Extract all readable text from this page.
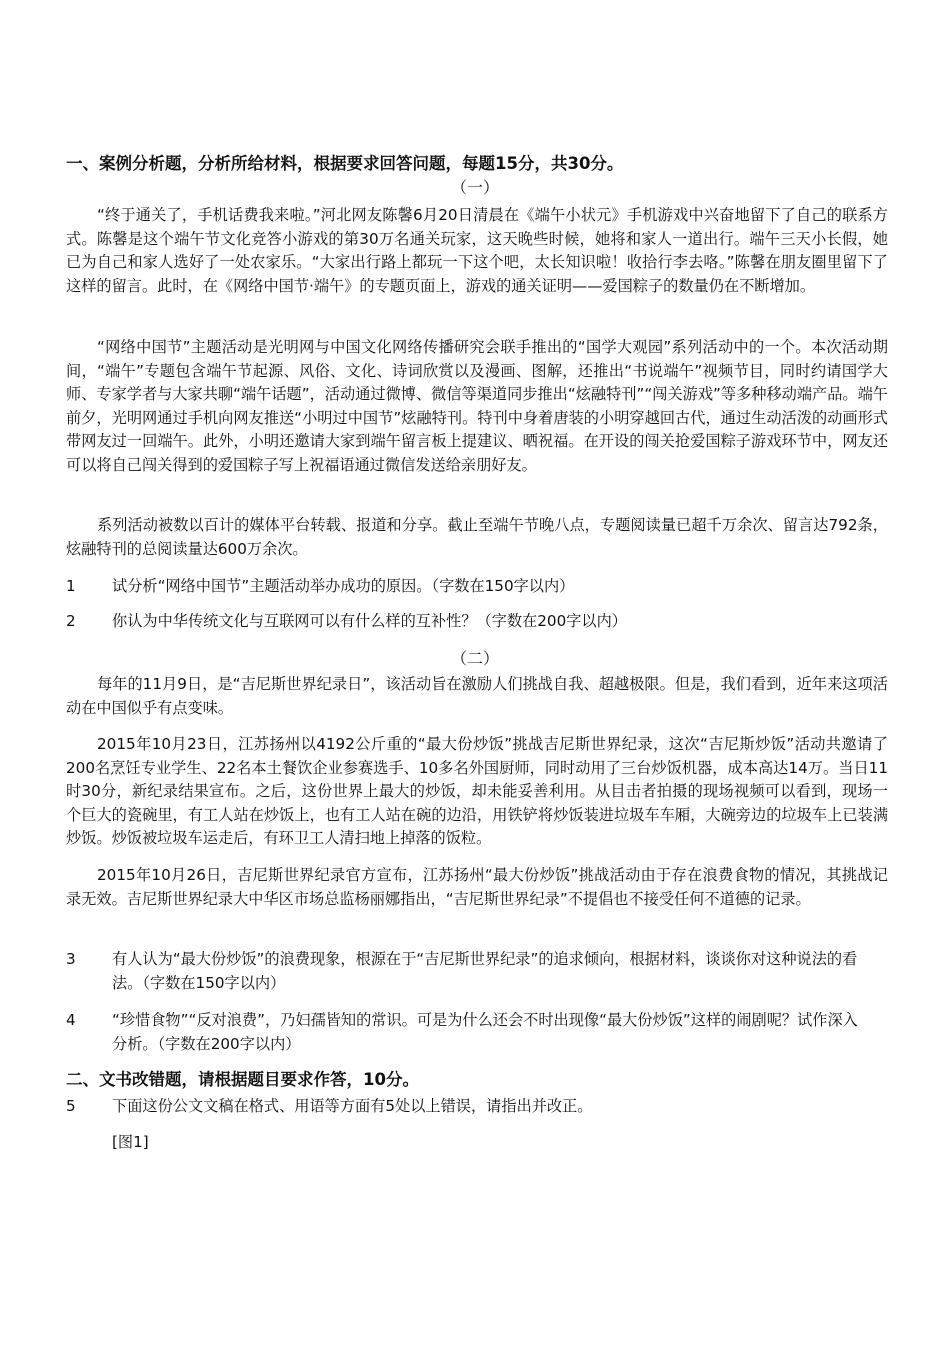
一、案例分析题，分析所给材料，根据要求回答问题，每题15分，共30分。
（一）

“终于通关了，手机话费我来啦。”河北网友陈馨6月20日清晨在《端午小状元》手机游戏中兴奋地留下了自己的联系方式。陈馨是这个端午节文化竞答小游戏的第30万名通关玩家，这天晚些时候，她将和家人一道出行。端午三天小长假，她已为自己和家人选好了一处农家乐。“大家出行路上都玩一下这个吧，太长知识啦！收拾行李去咯。”陈馨在朋友圈里留下了这样的留言。此时，在《网络中国节·端午》的专题页面上，游戏的通关证明——爱国粽子的数量仍在不断增加。

“网络中国节”主题活动是光明网与中国文化网络传播研究会联手推出的“国学大观园”系列活动中的一个。本次活动期间，“端午”专题包含端午节起源、风俗、文化、诗词欣赏以及漫画、图解，还推出“书说端午”视频节目，同时约请国学大师、专家学者与大家共聊“端午话题”，活动通过微博、微信等渠道同步推出“炫融特刊”“闯关游戏”等多种移动端产品。端午前夕，光明网通过手机向网友推送“小明过中国节”炫融特刊。特刊中身着唐装的小明穿越回古代，通过生动活泼的动画形式带网友过一回端午。此外，小明还邀请大家到端午留言板上提建议、晒祝福。在开设的闯关抢爱国粽子游戏环节中，网友还可以将自己闯关得到的爱国粽子写上祝福语通过微信发送给亲朋好友。

系列活动被数以百计的媒体平台转载、报道和分享。截止至端午节晚八点，专题阅读量已超千万余次、留言达792条，炫融特刊的总阅读量达600万余次。

1 试分析“网络中国节”主题活动举办成功的原因。（字数在150字以内）
2 你认为中华传统文化与互联网可以有什么样的互补性？（字数在200字以内）
（二）

每年的11月9日，是“吉尼斯世界纪录日”，该活动旨在激励人们挑战自我、超越极限。但是，我们看到，近年来这项活动在中国似乎有点变味。

2015年10月23日，江苏扬州以4192公斤重的“最大份炒饭”挑战吉尼斯世界纪录，这次“吉尼斯炒饭”活动共邀请了200名烹饪专业学生、22名本土餐饮企业参赛选手、10多名外国厨师，同时动用了三台炒饭机器，成本高达14万。当日11时30分，新纪录结果宣布。之后，这份世界上最大的炒饭，却未能妥善利用。从目击者拍摄的现场视频可以看到，现场一个巨大的瓷碗里，有工人站在炒饭上，也有工人站在碗的边沿，用铁铲将炒饭装进垃圾车车厢，大碗旁边的垃圾车上已装满炒饭。炒饭被垃圾车运走后，有环卫工人清扫地上掉落的饭粒。

2015年10月26日，吉尼斯世界纪录官方宣布，江苏扬州“最大份炒饭”挑战活动由于存在浪费食物的情况，其挑战记录无效。吉尼斯世界纪录大中华区市场总监杨丽娜指出，“吉尼斯世界纪录”不提倡也不接受任何不道德的记录。

3 有人认为“最大份炒饭”的浪费现象，根源在于“吉尼斯世界纪录”的追求倾向，根据材料，谈谈你对这种说法的看法。（字数在150字以内）
4 “珍惜食物”“反对浪费”，乃妇孺皆知的常识。可是为什么还会不时出现像“最大份炒饭”这样的闹剧呢？试作深入分析。（字数在200字以内）
二、文书改错题，请根据题目要求作答，10分。
5 下面这份公文文稿在格式、用语等方面有5处以上错误，请指出并改正。
[图1]
